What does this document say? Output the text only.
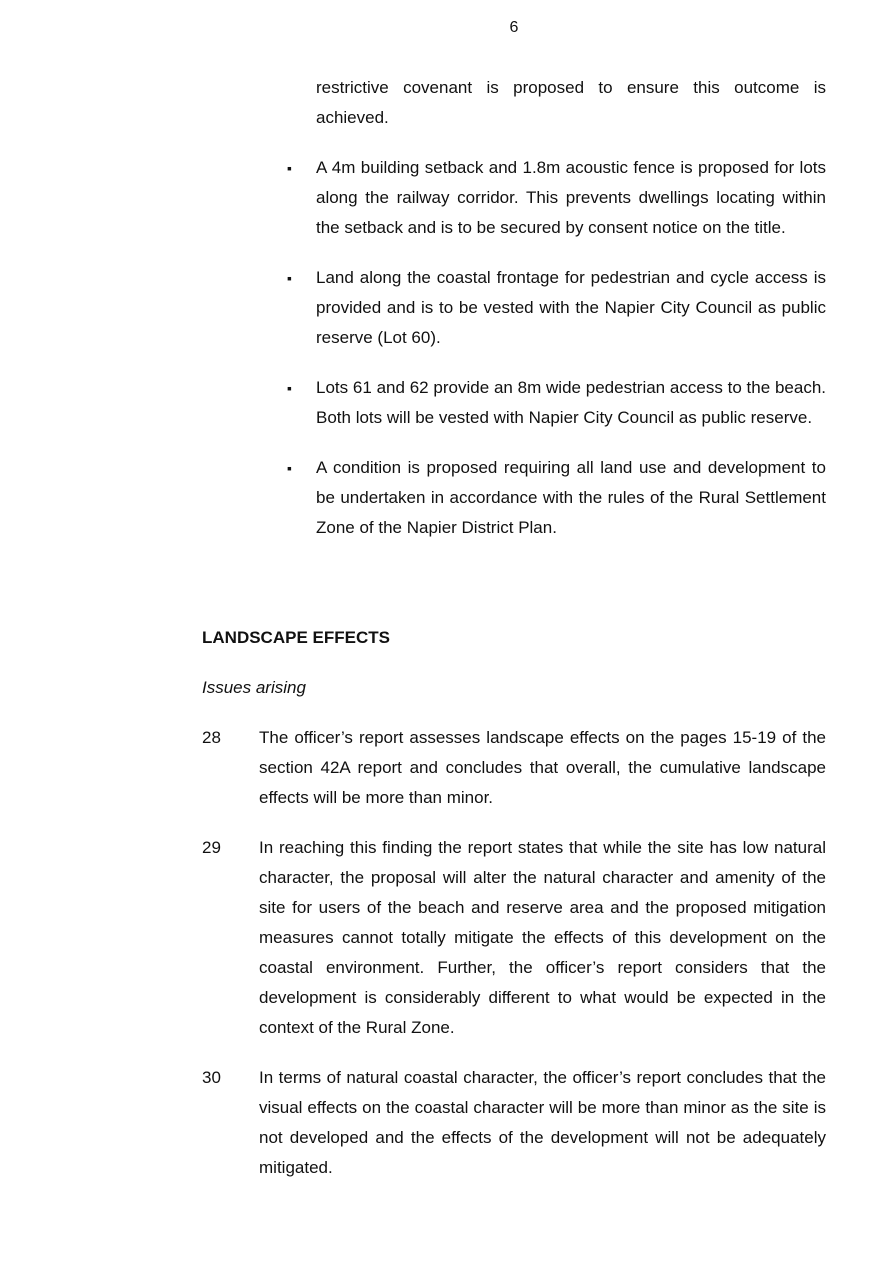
6

restrictive covenant is proposed to ensure this outcome is achieved.

▪ A 4m building setback and 1.8m acoustic fence is proposed for lots along the railway corridor. This prevents dwellings locating within the setback and is to be secured by consent notice on the title.

▪ Land along the coastal frontage for pedestrian and cycle access is provided and is to be vested with the Napier City Council as public reserve (Lot 60).

▪ Lots 61 and 62 provide an 8m wide pedestrian access to the beach. Both lots will be vested with Napier City Council as public reserve.

▪ A condition is proposed requiring all land use and development to be undertaken in accordance with the rules of the Rural Settlement Zone of the Napier District Plan.

LANDSCAPE EFFECTS
Issues arising
28 The officer’s report assesses landscape effects on the pages 15-19 of the section 42A report and concludes that overall, the cumulative landscape effects will be more than minor.

29 In reaching this finding the report states that while the site has low natural character, the proposal will alter the natural character and amenity of the site for users of the beach and reserve area and the proposed mitigation measures cannot totally mitigate the effects of this development on the coastal environment. Further, the officer’s report considers that the development is considerably different to what would be expected in the context of the Rural Zone.

30 In terms of natural coastal character, the officer’s report concludes that the visual effects on the coastal character will be more than minor as the site is not developed and the effects of the development will not be adequately mitigated.
